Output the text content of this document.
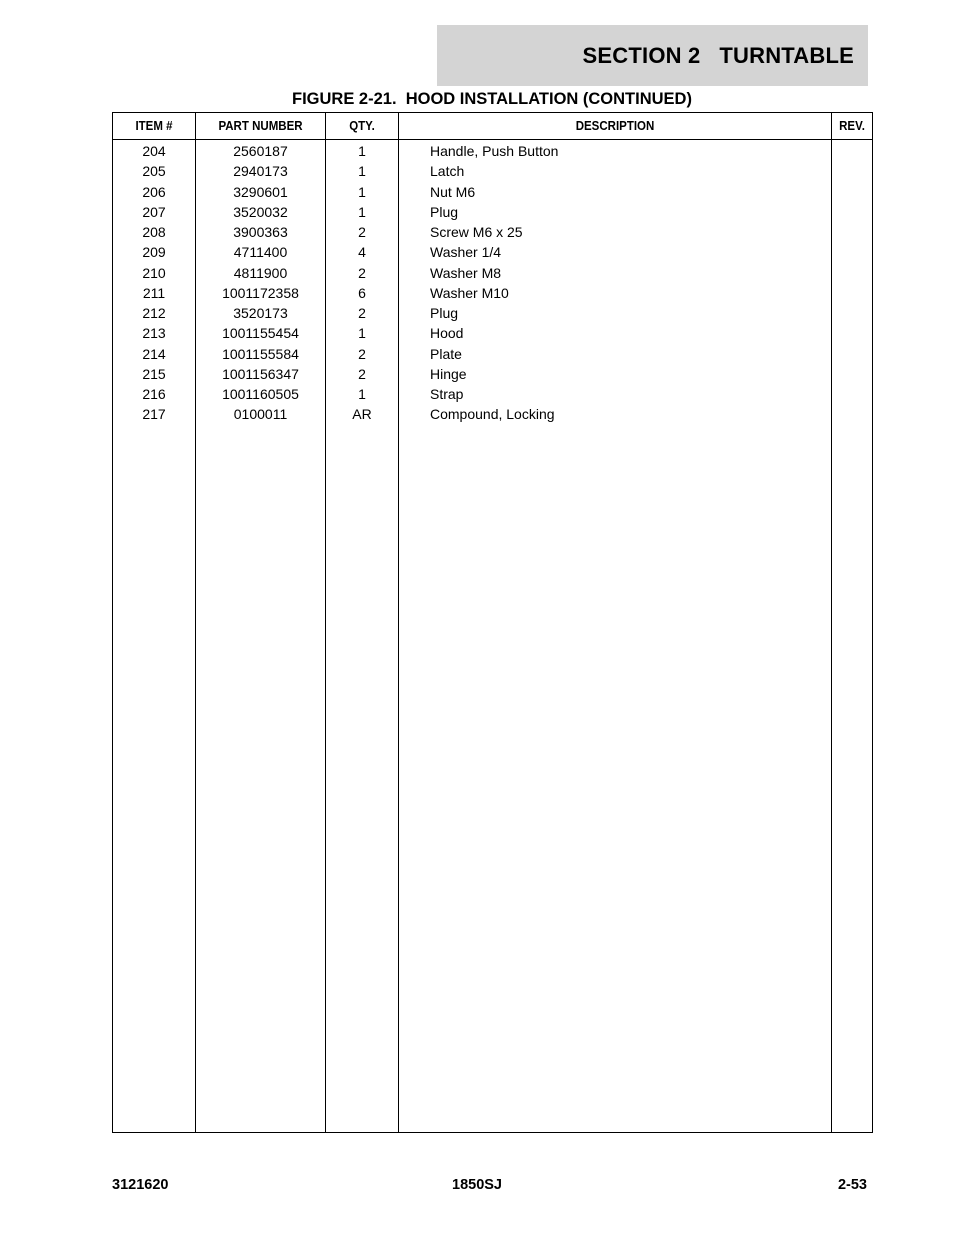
SECTION 2   TURNTABLE
FIGURE 2-21.  HOOD INSTALLATION (CONTINUED)
ITEM #	PART NUMBER	QTY.	DESCRIPTION	REV.
204	2560187	1	Handle, Push Button
205	2940173	1	Latch
206	3290601	1	Nut M6
207	3520032	1	Plug
208	3900363	2	Screw M6 x 25
209	4711400	4	Washer 1/4
210	4811900	2	Washer M8
211	1001172358	6	Washer M10
212	3520173	2	Plug
213	1001155454	1	Hood
214	1001155584	2	Plate
215	1001156347	2	Hinge
216	1001160505	1	Strap
217	0100011	AR	Compound, Locking
3121620	1850SJ	2-53
